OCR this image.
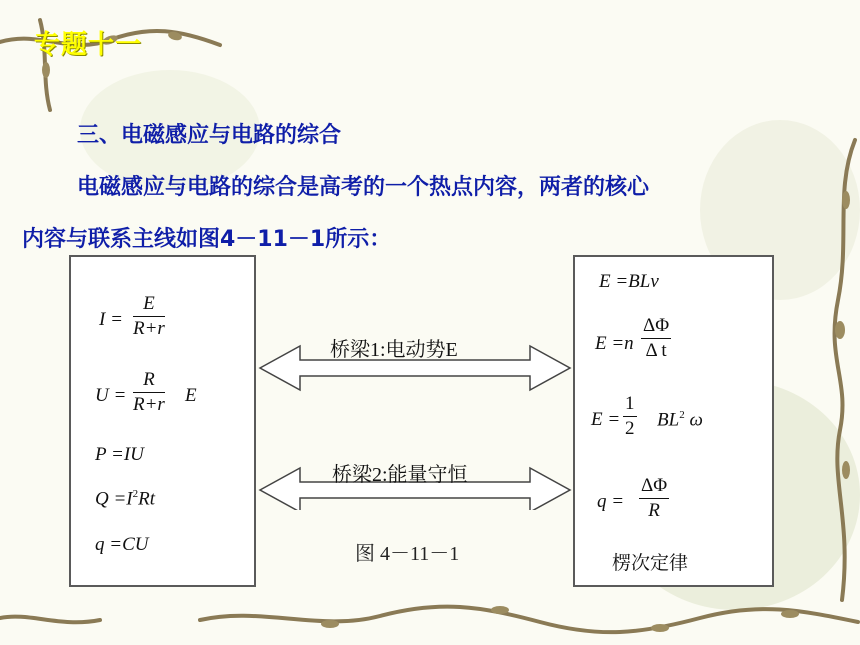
专题十一
三、电磁感应与电路的综合
电磁感应与电路的综合是高考的一个热点内容，两者的核心
内容与联系主线如图4－11－1所示：
$I = \frac{E}{R+r}$
$U = \frac{R}{R+r}$ E
P =IU
$Q =I^2Rt$
q =CU
桥梁1:电动势E
桥梁2:能量守恒
图 4－11－1
E =BLv
$E =n \frac{\Delta\Phi}{\text{Δ t}}$
$E = \frac{1}{2} BL^2$ ω
$q = \frac{\Delta\Phi}{R}$
楞次定律
